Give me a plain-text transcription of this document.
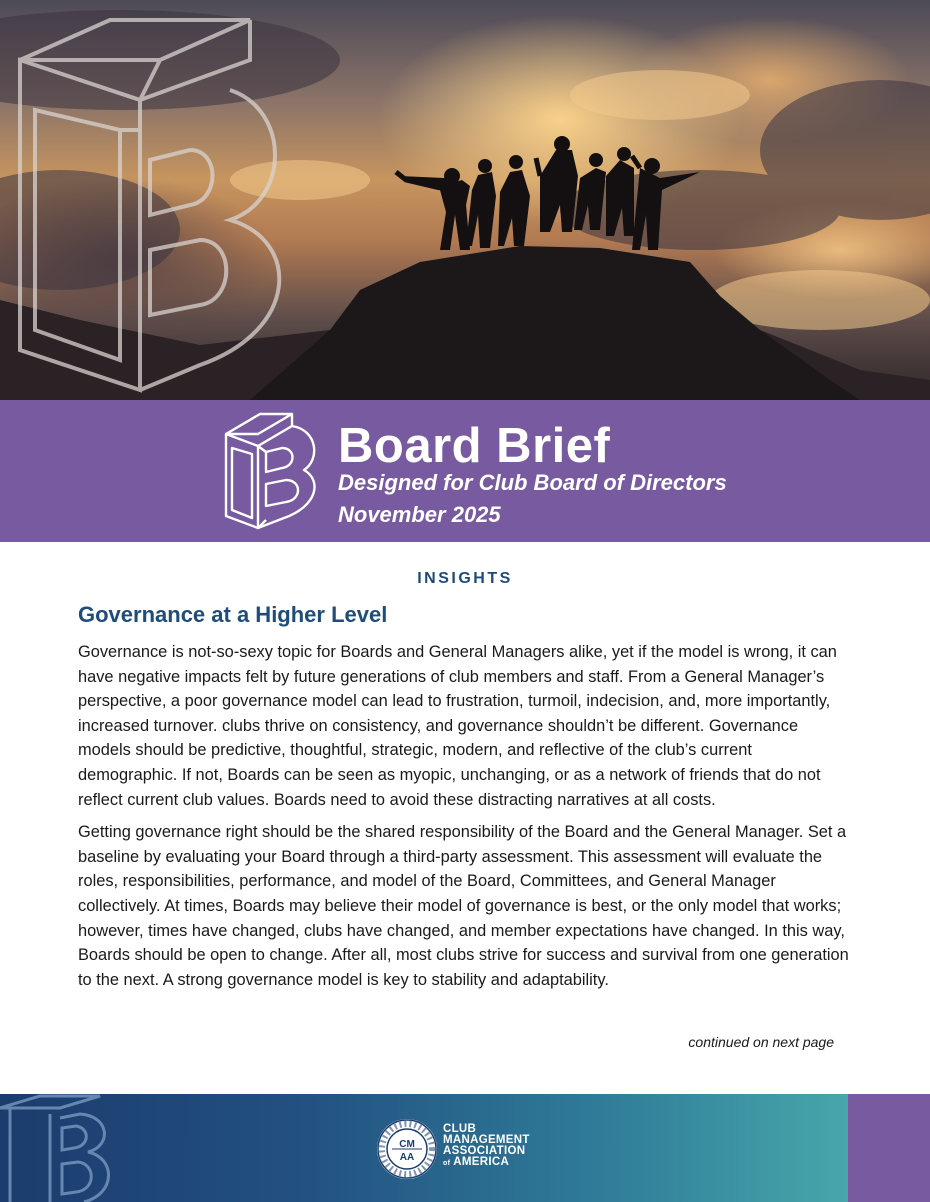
Board Brief
Designed for Club Board of Directors
November 2025
INSIGHTS
Governance at a Higher Level

Governance is not-so-sexy topic for Boards and General Managers alike, yet if the model is wrong, it can have negative impacts felt by future generations of club members and staff. From a General Manager’s perspective, a poor governance model can lead to frustration, turmoil, indecision, and, more importantly, increased turnover. clubs thrive on consistency, and governance shouldn’t be different. Governance models should be predictive, thoughtful, strategic, modern, and reflective of the club’s current demographic. If not, Boards can be seen as myopic, unchanging, or as a network of friends that do not reflect current club values. Boards need to avoid these distracting narratives at all costs.

Getting governance right should be the shared responsibility of the Board and the General Manager. Set a baseline by evaluating your Board through a third-party assessment. This assessment will evaluate the roles, responsibilities, performance, and model of the Board, Committees, and General Manager collectively. At times, Boards may believe their model of governance is best, or the only model that works; however, times have changed, clubs have changed, and member expectations have changed. In this way, Boards should be open to change. After all, most clubs strive for success and survival from one generation to the next. A strong governance model is key to stability and adaptability.

continued on next page
CM
AA
CLUB
MANAGEMENT
ASSOCIATION
of AMERICA
